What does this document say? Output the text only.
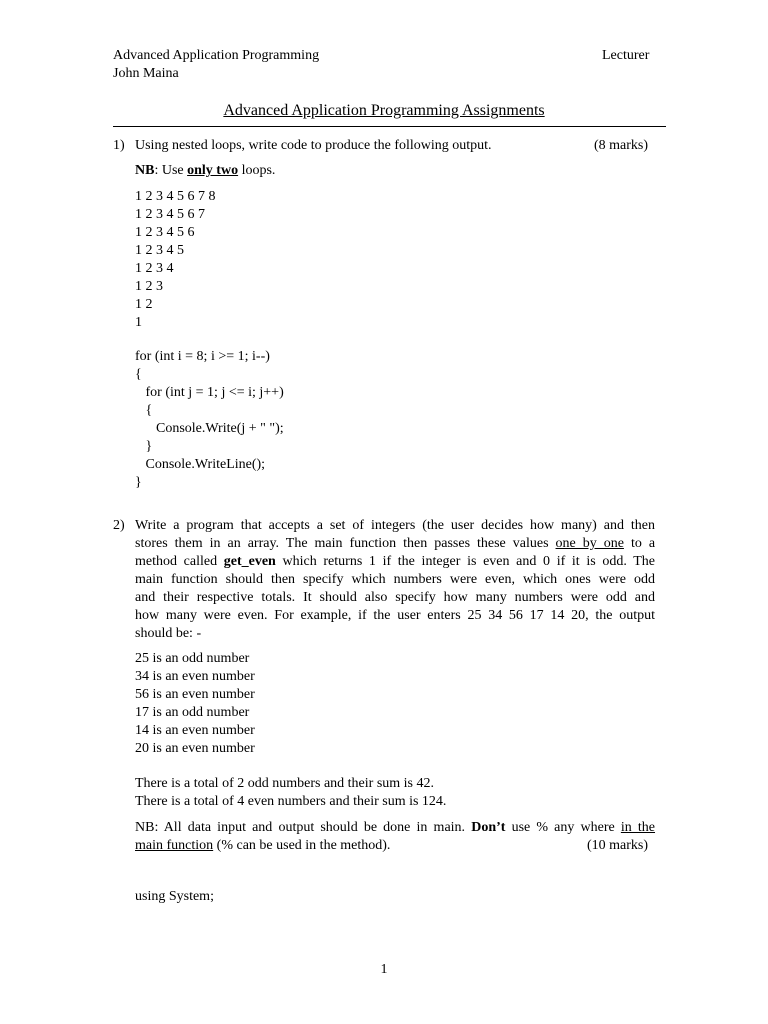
Advanced Application Programming	Lecturer
John Maina
Advanced Application Programming Assignments
1) Using nested loops, write code to produce the following output.	(8 marks)
NB: Use only two loops.
1 2 3 4 5 6 7 8
1 2 3 4 5 6 7
1 2 3 4 5 6
1 2 3 4 5
1 2 3 4
1 2 3
1 2
1
for (int i = 8; i >= 1; i--)
{
for (int j = 1; j <= i; j++)
{
Console.Write(j + " ");
}
Console.WriteLine();
}
2) Write a program that accepts a set of integers (the user decides how many) and then
stores them in an array. The main function then passes these values one by one to a
method called get_even which returns 1 if the integer is even and 0 if it is odd. The
main function should then specify which numbers were even, which ones were odd
and their respective totals. It should also specify how many numbers were odd and
how many were even. For example, if the user enters 25 34 56 17 14 20, the output
should be: -
25 is an odd number
34 is an even number
56 is an even number
17 is an odd number
14 is an even number
20 is an even number
There is a total of 2 odd numbers and their sum is 42.
There is a total of 4 even numbers and their sum is 124.
NB: All data input and output should be done in main. Don’t use % any where in the
main function (% can be used in the method).	(10 marks)
using System;
1
